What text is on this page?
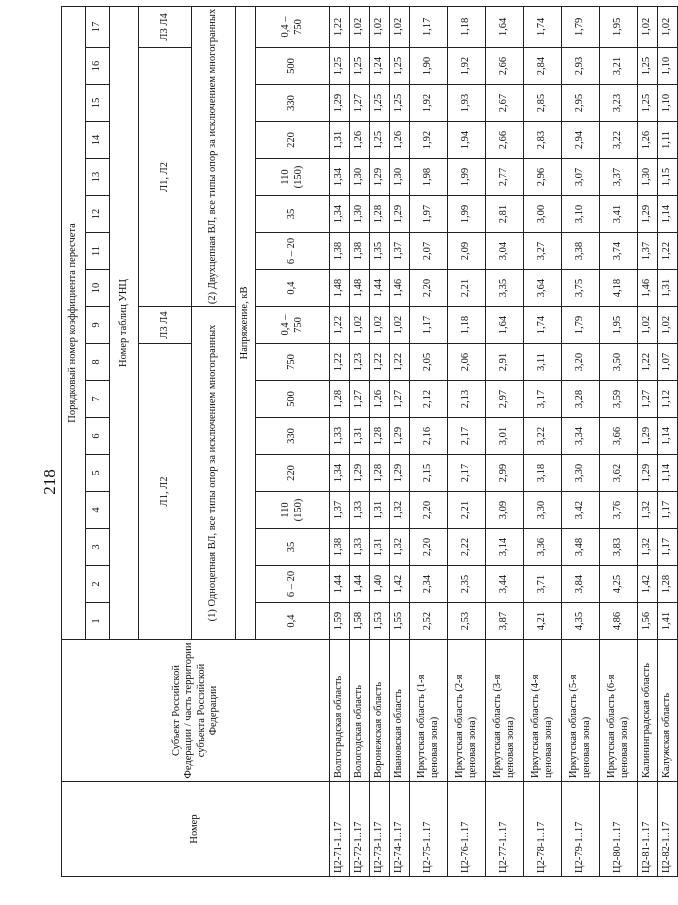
218
Номер	Субъект Российской Федерации / часть территории субъекта Российской Федерации	Порядковый номер коэффициента пересчета																
		1	2	3	4	5	6	7	8	9	10	11	12	13	14	15	16	17
		Номер таблиц УНЦ																
		Л1, Л2								Л3 Л4	Л1, Л2							Л3 Л4
		(1) Одноцепная ВЛ, все типы опор за исключением многогранных									(2) Двухцепная ВЛ, все типы опор за исключением многогранных							
		Напряжение, кВ																
		0,4	6 – 20	35	110 (150)	220	330	500	750	0,4 – 750	0,4	6 – 20	35	110 (150)	220	330	500	0,4 – 750
Ц2-71-1..17	Волгоградская область	1,59	1,44	1,38	1,37	1,34	1,33	1,28	1,22	1,22	1,48	1,38	1,34	1,34	1,31	1,29	1,25	1,22
Ц2-72-1..17	Вологодская область	1,58	1,44	1,33	1,33	1,29	1,31	1,27	1,23	1,02	1,48	1,38	1,30	1,30	1,26	1,27	1,25	1,02
Ц2-73-1..17	Воронежская область	1,53	1,40	1,31	1,31	1,28	1,28	1,26	1,22	1,02	1,44	1,35	1,28	1,29	1,25	1,25	1,24	1,02
Ц2-74-1..17	Ивановская область	1,55	1,42	1,32	1,32	1,29	1,29	1,27	1,22	1,02	1,46	1,37	1,29	1,30	1,26	1,25	1,25	1,02
Ц2-75-1..17	Иркутская область (1-я ценовая зона)	2,52	2,34	2,20	2,20	2,15	2,16	2,12	2,05	1,17	2,20	2,07	1,97	1,98	1,92	1,92	1,90	1,17
Ц2-76-1..17	Иркутская область (2-я ценовая зона)	2,53	2,35	2,22	2,21	2,17	2,17	2,13	2,06	1,18	2,21	2,09	1,99	1,99	1,94	1,93	1,92	1,18
Ц2-77-1..17	Иркутская область (3-я ценовая зона)	3,87	3,44	3,14	3,09	2,99	3,01	2,97	2,91	1,64	3,35	3,04	2,81	2,77	2,66	2,67	2,66	1,64
Ц2-78-1..17	Иркутская область (4-я ценовая зона)	4,21	3,71	3,36	3,30	3,18	3,22	3,17	3,11	1,74	3,64	3,27	3,00	2,96	2,83	2,85	2,84	1,74
Ц2-79-1..17	Иркутская область (5-я ценовая зона)	4,35	3,84	3,48	3,42	3,30	3,34	3,28	3,20	1,79	3,75	3,38	3,10	3,07	2,94	2,95	2,93	1,79
Ц2-80-1..17	Иркутская область (6-я ценовая зона)	4,86	4,25	3,83	3,76	3,62	3,66	3,59	3,50	1,95	4,18	3,74	3,41	3,37	3,22	3,23	3,21	1,95
Ц2-81-1..17	Калининградская область	1,56	1,42	1,32	1,32	1,29	1,29	1,27	1,22	1,02	1,46	1,37	1,29	1,30	1,26	1,25	1,25	1,02
Ц2-82-1..17	Калужская область	1,41	1,28	1,17	1,17	1,14	1,14	1,12	1,07	1,02	1,31	1,22	1,14	1,15	1,11	1,10	1,10	1,02
